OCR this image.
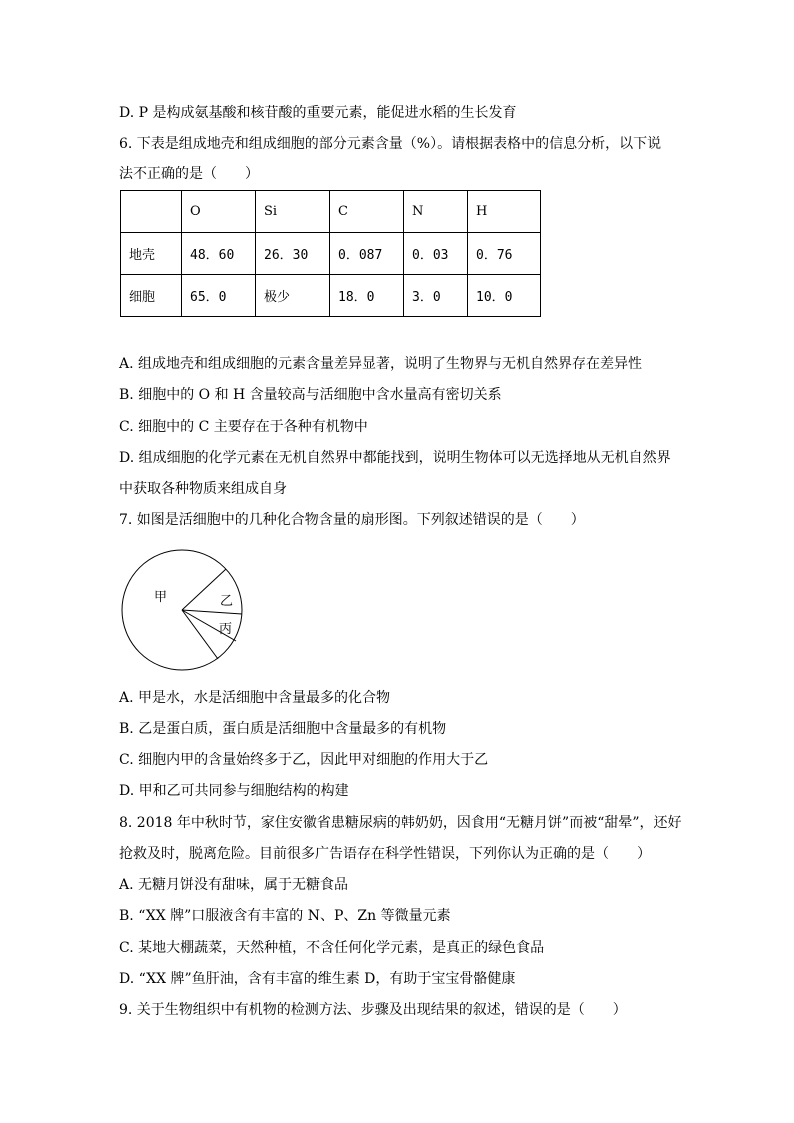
D. P 是构成氨基酸和核苷酸的重要元素，能促进水稻的生长发育
6. 下表是组成地壳和组成细胞的部分元素含量（%）。请根据表格中的信息分析，以下说
法不正确的是（　　）
	O	Si	C	N	H
地壳	48．60	26．30	0．087	0．03	0．76
细胞	65．0	极少	18．0	3．0	10．0
A. 组成地壳和组成细胞的元素含量差异显著，说明了生物界与无机自然界存在差异性
B. 细胞中的 O 和 H 含量较高与活细胞中含水量高有密切关系
C. 细胞中的 C 主要存在于各种有机物中
D. 组成细胞的化学元素在无机自然界中都能找到，说明生物体可以无选择地从无机自然界
中获取各种物质来组成自身
7. 如图是活细胞中的几种化合物含量的扇形图。下列叙述错误的是（　　）
甲	乙
丙
A. 甲是水，水是活细胞中含量最多的化合物
B. 乙是蛋白质，蛋白质是活细胞中含量最多的有机物
C. 细胞内甲的含量始终多于乙，因此甲对细胞的作用大于乙
D. 甲和乙可共同参与细胞结构的构建
8. 2018 年中秋时节，家住安徽省患糖尿病的韩奶奶，因食用“无糖月饼”而被“甜晕”，还好
抢救及时，脱离危险。目前很多广告语存在科学性错误，下列你认为正确的是（　　）
A. 无糖月饼没有甜味，属于无糖食品
B. “XX 牌”口服液含有丰富的 N、P、Zn 等微量元素
C. 某地大棚蔬菜，天然种植，不含任何化学元素，是真正的绿色食品
D. “XX 牌”鱼肝油，含有丰富的维生素 D，有助于宝宝骨骼健康
9. 关于生物组织中有机物的检测方法、步骤及出现结果的叙述，错误的是（　　）
